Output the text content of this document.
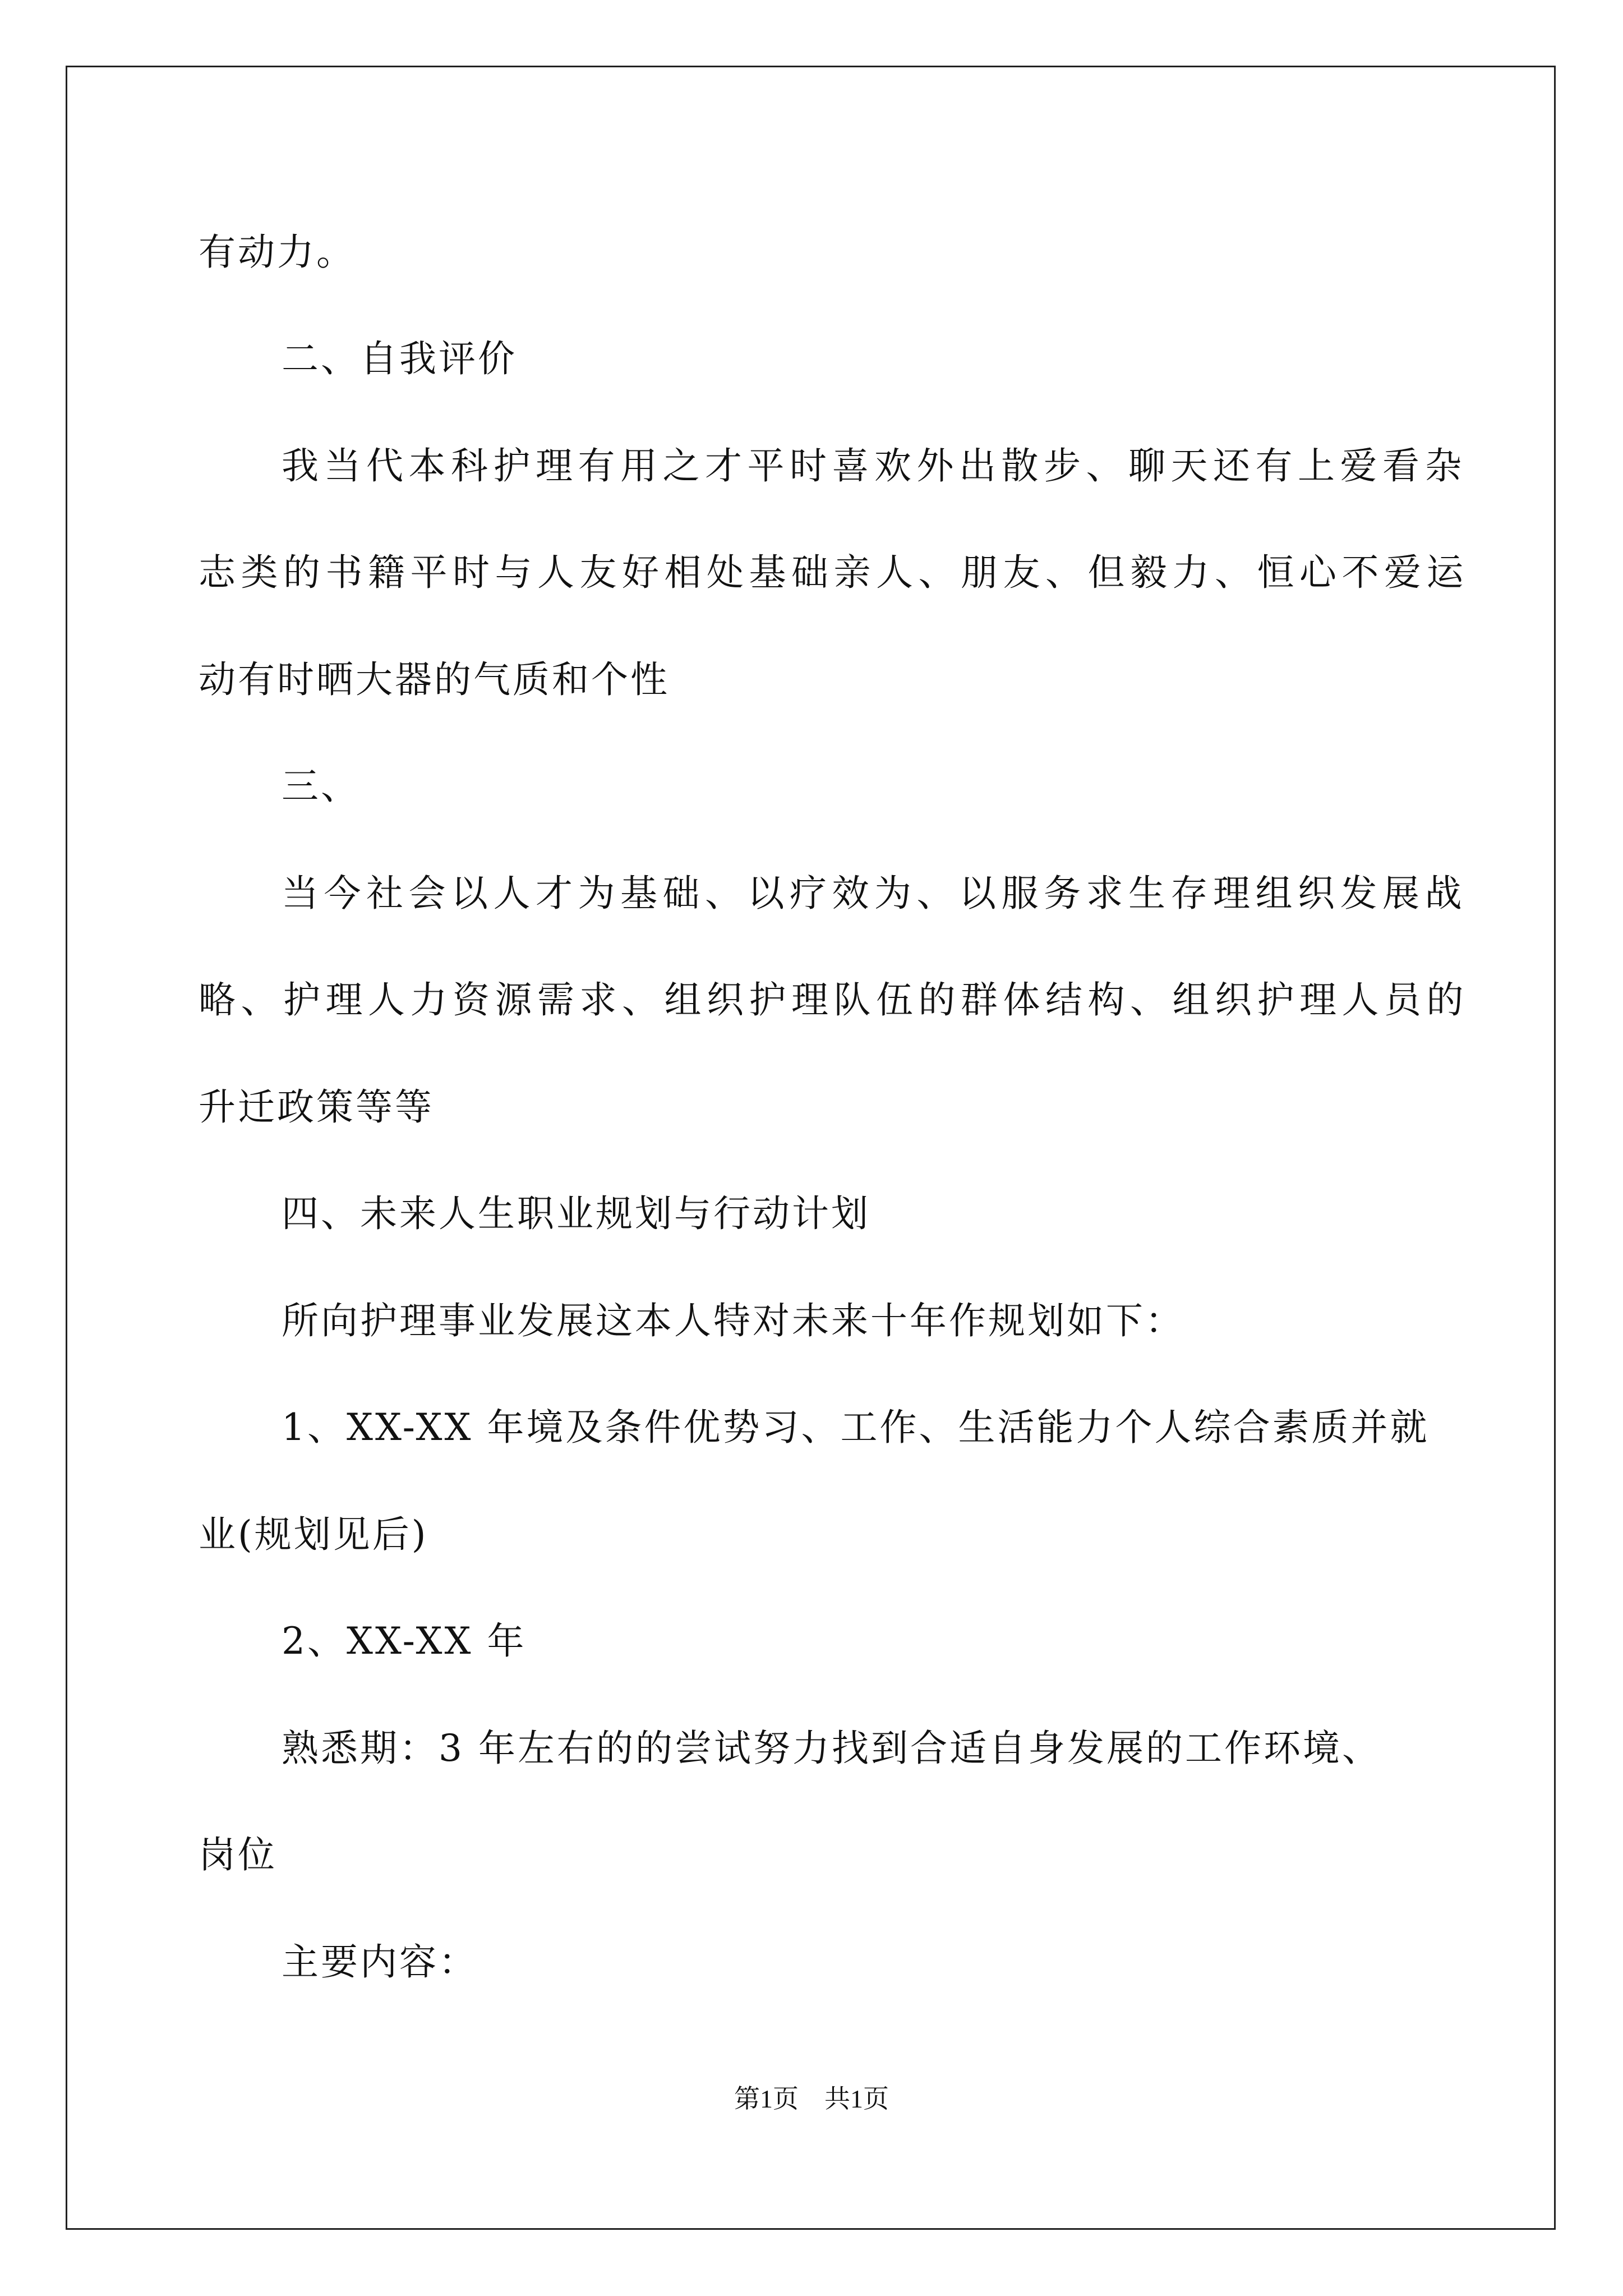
有动力。
二、自我评价
我当代本科护理有用之才平时喜欢外出散步、聊天还有上爱看杂
志类的书籍平时与人友好相处基础亲人、朋友、但毅力、恒心不爱运
动有时晒大器的气质和个性
三、
当今社会以人才为基础、以疗效为、以服务求生存理组织发展战
略、护理人力资源需求、组织护理队伍的群体结构、组织护理人员的
升迁政策等等
四、未来人生职业规划与行动计划
所向护理事业发展这本人特对未来十年作规划如下：
1、XX-XX 年境及条件优势习、工作、生活能力个人综合素质并就
业(规划见后)
2、XX-XX 年
熟悉期：3 年左右的的尝试努力找到合适自身发展的工作环境、
岗位
主要内容：
第1页　共1页
